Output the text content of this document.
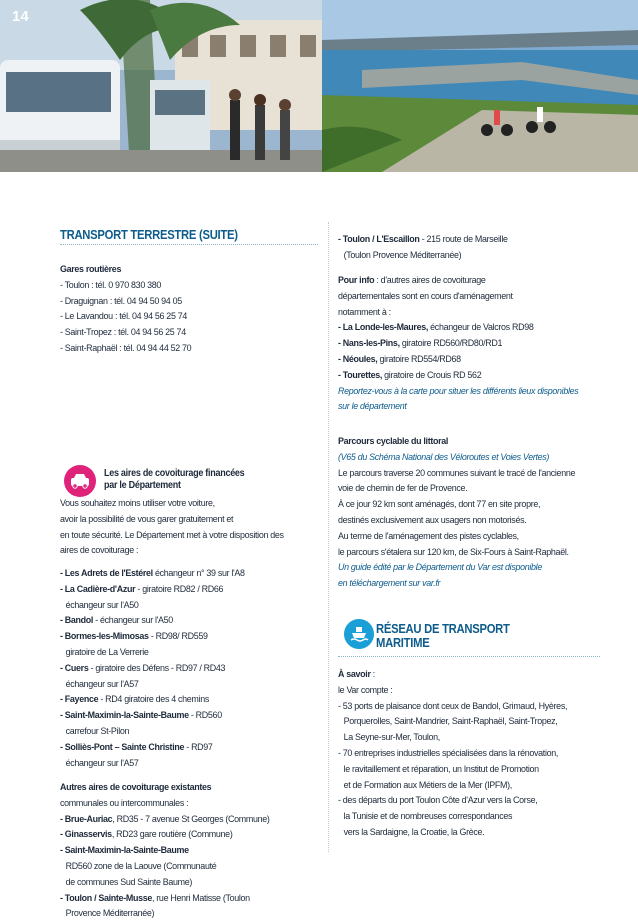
14
TRANSPORT TERRESTRE (SUITE)
Gares routières
- Toulon : tél. 0 970 830 380
- Draguignan : tél. 04 94 50 94 05
- Le Lavandou : tél. 04 94 56 25 74
- Saint-Tropez : tél. 04 94 56 25 74
- Saint-Raphaël : tél. 04 94 44 52 70
Les aires de covoiturage financées
par le Département
Vous souhaitez moins utiliser votre voiture,
avoir la possibilité de vous garer gratuitement et
en toute sécurité. Le Département met à votre disposition des
aires de covoiturage :
- Les Adrets de l'Estérel échangeur n° 39 sur l'A8
- La Cadière-d'Azur - giratoire RD82 / RD66
échangeur sur l'A50
- Bandol - échangeur sur l'A50
- Bormes-les-Mimosas - RD98/ RD559
giratoire de La Verrerie
- Cuers - giratoire des Défens - RD97 / RD43
échangeur sur l'A57
- Fayence - RD4 giratoire des 4 chemins
- Saint-Maximin-la-Sainte-Baume - RD560
carrefour St-Pilon
- Solliès-Pont – Sainte Christine - RD97
échangeur sur l'A57
Autres aires de covoiturage existantes
communales ou intercommunales :
- Brue-Auriac, RD35 - 7 avenue St Georges (Commune)
- Ginasservis, RD23 gare routière (Commune)
- Saint-Maximin-la-Sainte-Baume
RD560 zone de la Laouve (Communauté
de communes Sud Sainte Baume)
- Toulon / Sainte-Musse, rue Henri Matisse (Toulon
Provence Méditerranée)
- Toulon / L'Escaillon - 215 route de Marseille
(Toulon Provence Méditerranée)
Pour info : d'autres aires de covoiturage
départementales sont en cours d'aménagement
notamment à :
- La Londe-les-Maures, échangeur de Valcros RD98
- Nans-les-Pins, giratoire RD560/RD80/RD1
- Néoules, giratoire RD554/RD68
- Tourettes, giratoire de Crouis RD 562
Reportez-vous à la carte pour situer les différents lieux disponibles
sur le département
Parcours cyclable du littoral
(V65 du Schéma National des Véloroutes et Voies Vertes)
Le parcours traverse 20 communes suivant le tracé de l'ancienne
voie de chemin de fer de Provence.
À ce jour 92 km sont aménagés, dont 77 en site propre,
destinés exclusivement aux usagers non motorisés.
Au terme de l'aménagement des pistes cyclables,
le parcours s'étalera sur 120 km, de Six-Fours à Saint-Raphaël.
Un guide édité par le Département du Var est disponible
en téléchargement sur var.fr
RÉSEAU DE TRANSPORT
MARITIME
À savoir :
le Var compte :
- 53 ports de plaisance dont ceux de Bandol, Grimaud, Hyères,
Porquerolles, Saint-Mandrier, Saint-Raphaël, Saint-Tropez,
La Seyne-sur-Mer, Toulon,
- 70 entreprises industrielles spécialisées dans la rénovation,
le ravitaillement et réparation, un Institut de Promotion
et de Formation aux Métiers de la Mer (IPFM),
- des départs du port Toulon Côte d'Azur vers la Corse,
la Tunisie et de nombreuses correspondances
vers la Sardaigne, la Croatie, la Grèce.
